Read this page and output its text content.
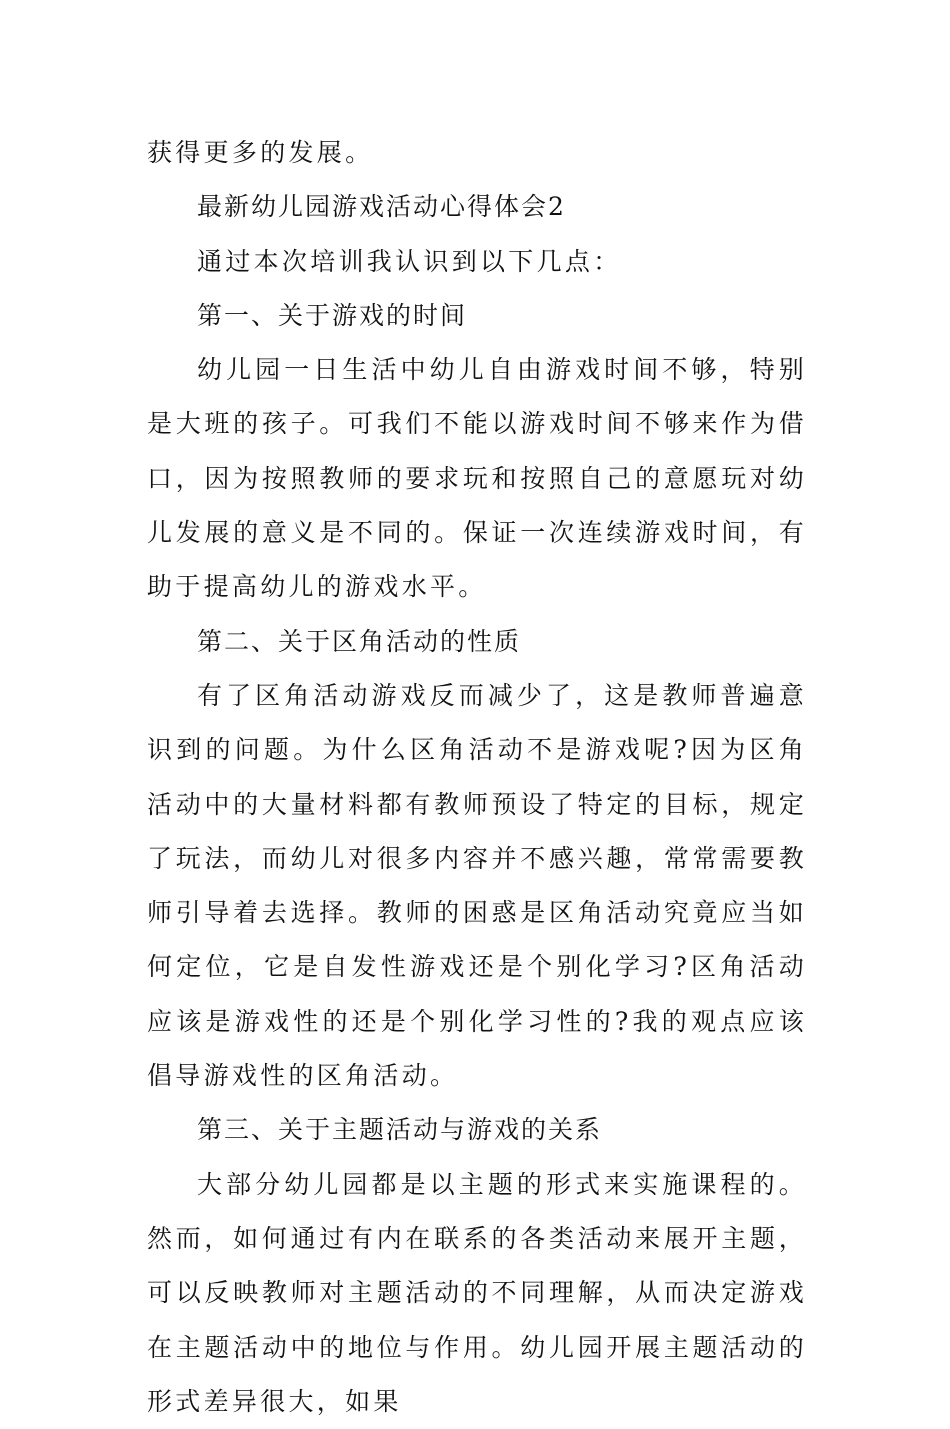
获得更多的发展。

最新幼儿园游戏活动心得体会2

通过本次培训我认识到以下几点：

第一、关于游戏的时间

幼儿园一日生活中幼儿自由游戏时间不够，特别是大班的孩子。可我们不能以游戏时间不够来作为借口，因为按照教师的要求玩和按照自己的意愿玩对幼儿发展的意义是不同的。保证一次连续游戏时间，有助于提高幼儿的游戏水平。

第二、关于区角活动的性质

有了区角活动游戏反而减少了，这是教师普遍意识到的问题。为什么区角活动不是游戏呢?因为区角活动中的大量材料都有教师预设了特定的目标，规定了玩法，而幼儿对很多内容并不感兴趣，常常需要教师引导着去选择。教师的困惑是区角活动究竟应当如何定位，它是自发性游戏还是个别化学习?区角活动应该是游戏性的还是个别化学习性的?我的观点应该倡导游戏性的区角活动。

第三、关于主题活动与游戏的关系

大部分幼儿园都是以主题的形式来实施课程的。然而，如何通过有内在联系的各类活动来展开主题，可以反映教师对主题活动的不同理解，从而决定游戏在主题活动中的地位与作用。幼儿园开展主题活动的形式差异很大，如果
